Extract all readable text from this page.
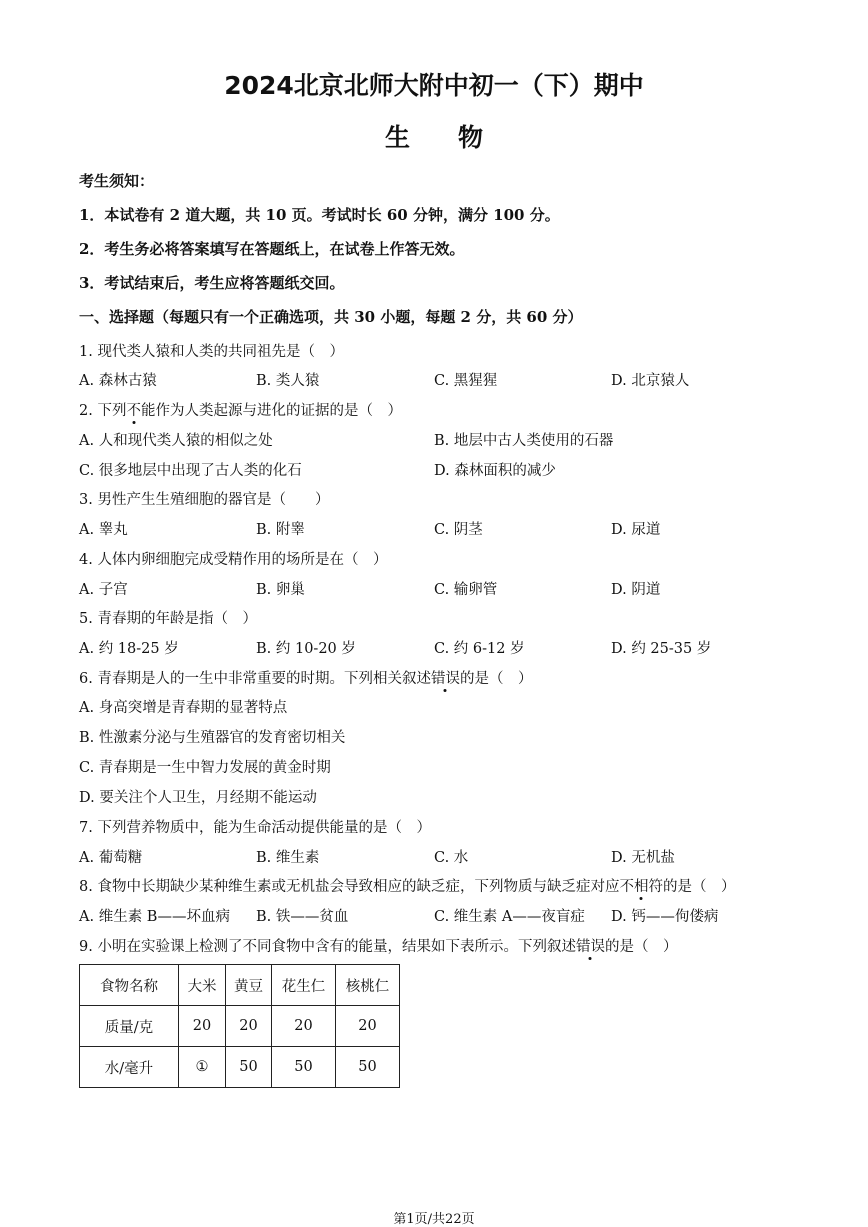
2024北京北师大附中初一（下）期中
生物
考生须知：
1．本试卷有 2 道大题，共 10 页。考试时长 60 分钟，满分 100 分。
2．考生务必将答案填写在答题纸上，在试卷上作答无效。
3．考试结束后，考生应将答题纸交回。
一、选择题（每题只有一个正确选项，共 30 小题，每题 2 分，共 60 分）
1. 现代类人猿和人类的共同祖先是（　）
A. 森林古猿	B. 类人猿	C. 黑猩猩	D. 北京猿人
2. 下列不能作为人类起源与进化的证据的是（　）
A. 人和现代类人猿的相似之处	B. 地层中古人类使用的石器
C. 很多地层中出现了古人类的化石	D. 森林面积的减少
3. 男性产生生殖细胞的器官是（　　）
A. 睾丸	B. 附睾	C. 阴茎	D. 尿道
4. 人体内卵细胞完成受精作用的场所是在（　）
A. 子宫	B. 卵巢	C. 输卵管	D. 阴道
5. 青春期的年龄是指（　）
A. 约 18-25 岁	B. 约 10-20 岁	C. 约 6-12 岁	D. 约 25-35 岁
6. 青春期是人的一生中非常重要的时期。下列相关叙述错误的是（　）
A. 身高突增是青春期的显著特点
B. 性激素分泌与生殖器官的发育密切相关
C. 青春期是一生中智力发展的黄金时期
D. 要关注个人卫生，月经期不能运动
7. 下列营养物质中，能为生命活动提供能量的是（　）
A. 葡萄糖	B. 维生素	C. 水	D. 无机盐
8. 食物中长期缺少某种维生素或无机盐会导致相应的缺乏症，下列物质与缺乏症对应不相符的是（　）
A. 维生素 B——坏血病 B. 铁——贫血	C. 维生素 A——夜盲症 D. 钙——佝偻病
9. 小明在实验课上检测了不同食物中含有的能量，结果如下表所示。下列叙述错误的是（　）
食物名称	大米	黄豆	花生仁	核桃仁
质量/克	20	20	20	20
水/毫升	①	50	50	50
第1页/共22页
